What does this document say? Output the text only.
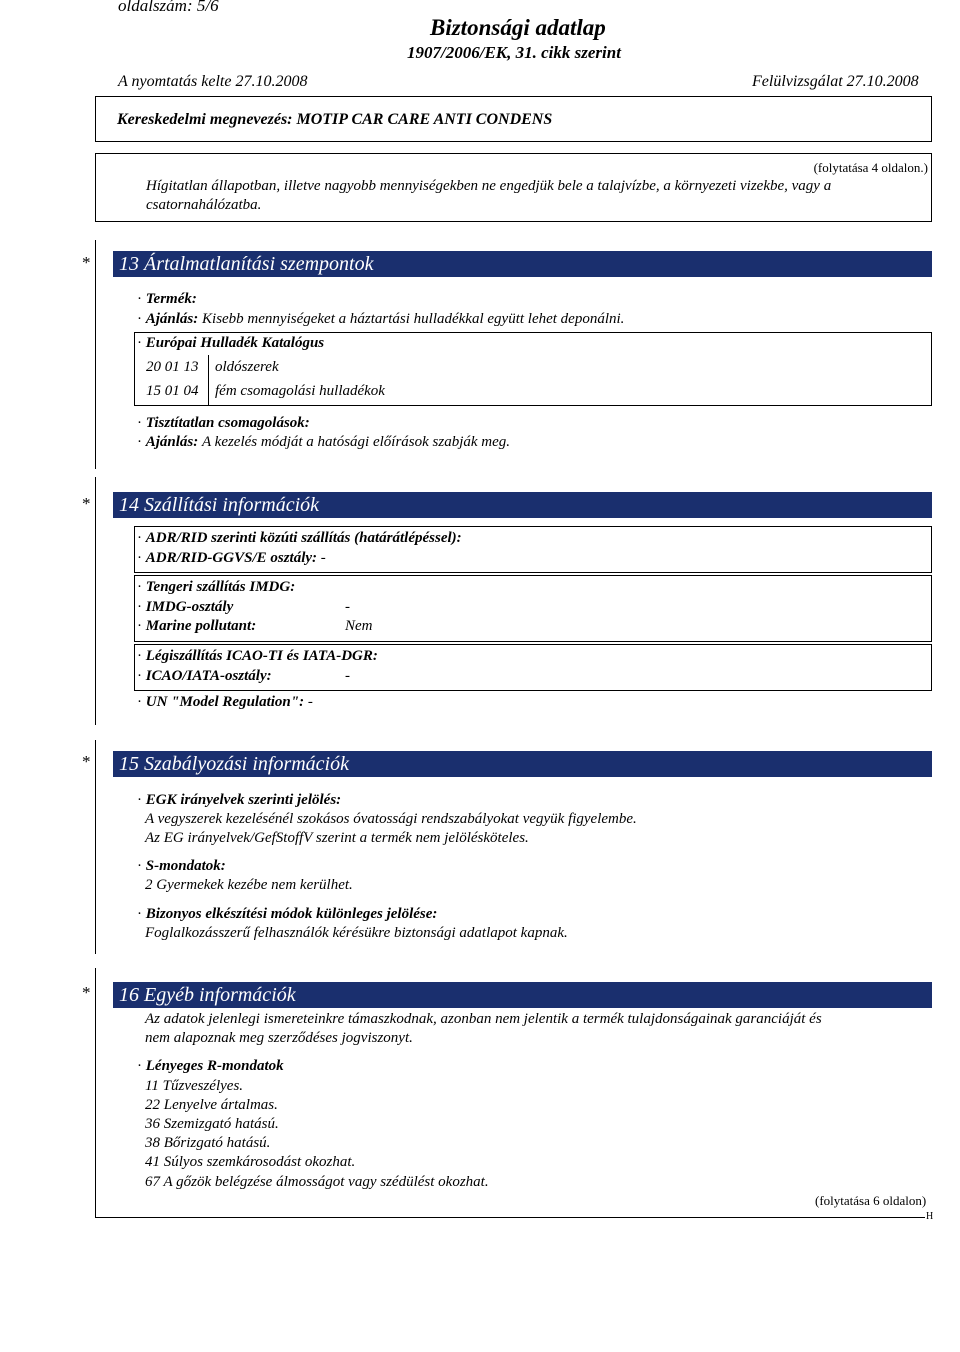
oldalszám: 5/6
Biztonsági adatlap
1907/2006/EK, 31. cikk szerint
A nyomtatás kelte 27.10.2008	Felülvizsgálat 27.10.2008
Kereskedelmi megnevezés: MOTIP CAR CARE ANTI CONDENS
(folytatása 4 oldalon.)
Hígitatlan állapotban, illetve nagyobb mennyiségekben ne engedjük bele a talajvízbe, a környezeti vizekbe, vagy a
csatornahálózatba.
* 13 Ártalmatlanítási szempontok
· Termék:
· Ajánlás: Kisebb mennyiségeket a háztartási hulladékkal együtt lehet deponálni.
· Európai Hulladék Katalógus
20 01 13 oldószerek
15 01 04 fém csomagolási hulladékok
· Tisztítatlan csomagolások:
· Ajánlás: A kezelés módját a hatósági előírások szabják meg.
* 14 Szállítási információk
· ADR/RID szerinti közúti szállítás (határátlépéssel):
· ADR/RID-GGVS/E osztály: -
· Tengeri szállítás IMDG:
· IMDG-osztály	-
· Marine pollutant:	Nem
· Légiszállítás ICAO-TI és IATA-DGR:
· ICAO/IATA-osztály:	-
· UN "Model Regulation": -
* 15 Szabályozási információk
· EGK irányelvek szerinti jelölés:
A vegyszerek kezelésénél szokásos óvatossági rendszabályokat vegyük figyelembe.
Az EG irányelvek/GefStoffV szerint a termék nem jelölésköteles.
· S-mondatok:
2 Gyermekek kezébe nem kerülhet.
· Bizonyos elkészítési módok különleges jelölése:
Foglalkozásszerű felhasználók kérésükre biztonsági adatlapot kapnak.
* 16 Egyéb információk
Az adatok jelenlegi ismereteinkre támaszkodnak, azonban nem jelentik a termék tulajdonságainak garanciáját és
nem alapoznak meg szerződéses jogviszonyt.
· Lényeges R-mondatok
11 Tűzveszélyes.
22 Lenyelve ártalmas.
36 Szemizgató hatású.
38 Bőrizgató hatású.
41 Súlyos szemkárosodást okozhat.
67 A gőzök belégzése álmosságot vagy szédülést okozhat.
(folytatása 6 oldalon)
H
